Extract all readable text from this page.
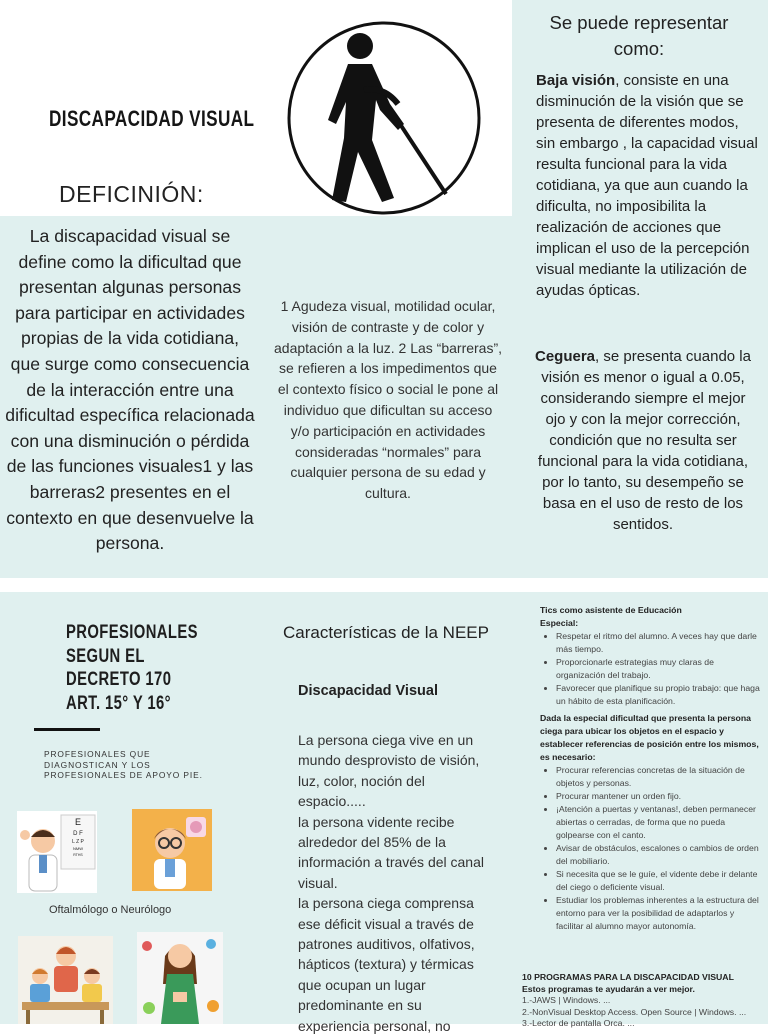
DISCAPACIDAD VISUAL
DEFICINIÓN:
La discapacidad visual se define como la dificultad que presentan algunas personas para participar en actividades propias de la vida cotidiana, que surge como consecuencia de la interacción entre una dificultad específica relacionada con una disminución o pérdida de las funciones visuales1 y las barreras2 presentes en el contexto en que desenvuelve la persona.
1 Agudeza visual, motilidad ocular, visión de contraste y de color y adaptación a la luz. 2 Las “barreras”, se refieren a los impedimentos que el contexto físico o social le pone al individuo que dificultan su acceso y/o participación en actividades consideradas “normales” para cualquier persona de su edad y cultura.
Se puede representar como:
Baja visión, consiste en una disminución de la visión que se presenta de diferentes modos, sin embargo , la capacidad visual resulta funcional para la vida cotidiana, ya que aun cuando la dificulta, no imposibilita la realización de acciones que implican el uso de la percepción visual mediante la utilización de ayudas ópticas.
Ceguera, se presenta cuando la visión es menor o igual a 0.05, considerando siempre el mejor ojo y con la mejor corrección, condición que no resulta ser funcional para la vida cotidiana, por lo tanto, su desempeño se basa en el uso de resto de los sentidos.
PROFESIONALES
SEGUN EL
DECRETO 170
ART. 15° Y 16°
PROFESIONALES QUE DIAGNOSTICAN Y LOS PROFESIONALES DE APOYO PIE.
E
D F
L Z P
NMW
RTHS
Oftalmólogo o Neurólogo
Características de la NEEP
Discapacidad Visual
La persona ciega vive en un mundo desprovisto de visión, luz, color, noción del espacio.....
la persona vidente recibe alrededor del 85% de la información a través del canal visual.
la persona ciega comprensa ese déficit visual a través de patrones auditivos, olfativos, hápticos (textura) y térmicas que ocupan un lugar predominante en su experiencia personal, no

Tics como asistente de Educación Especial:

• Respetar el ritmo del alumno. A veces hay que darle más tiempo.
• Proporcionarle estrategias muy claras de organización del trabajo.
• Favorecer que planifique su propio trabajo: que haga un hábito de esta planificación.

Dada la especial dificultad que presenta la persona ciega para ubicar los objetos en el espacio y establecer referencias de posición entre los mismos, es necesario:

• Procurar referencias concretas de la situación de objetos y personas.
• Procurar mantener un orden fijo.
• ¡Atención a puertas y ventanas!, deben permanecer abiertas o cerradas, de forma que no pueda golpearse con el canto.
• Avisar de obstáculos, escalones o cambios de orden del mobiliario.
• Si necesita que se le guíe, el vidente debe ir delante del ciego o deficiente visual.
• Estudiar los problemas inherentes a la estructura del entorno para ver la posibilidad de adaptarlos y facilitar al alumno mayor autonomía.

10 PROGRAMAS PARA LA DISCAPACIDAD VISUAL

Estos programas te ayudarán a ver mejor.

1.-JAWS | Windows. ...

2.-NonVisual Desktop Access. Open Source | Windows. ...

3.-Lector de pantalla Orca. ...
